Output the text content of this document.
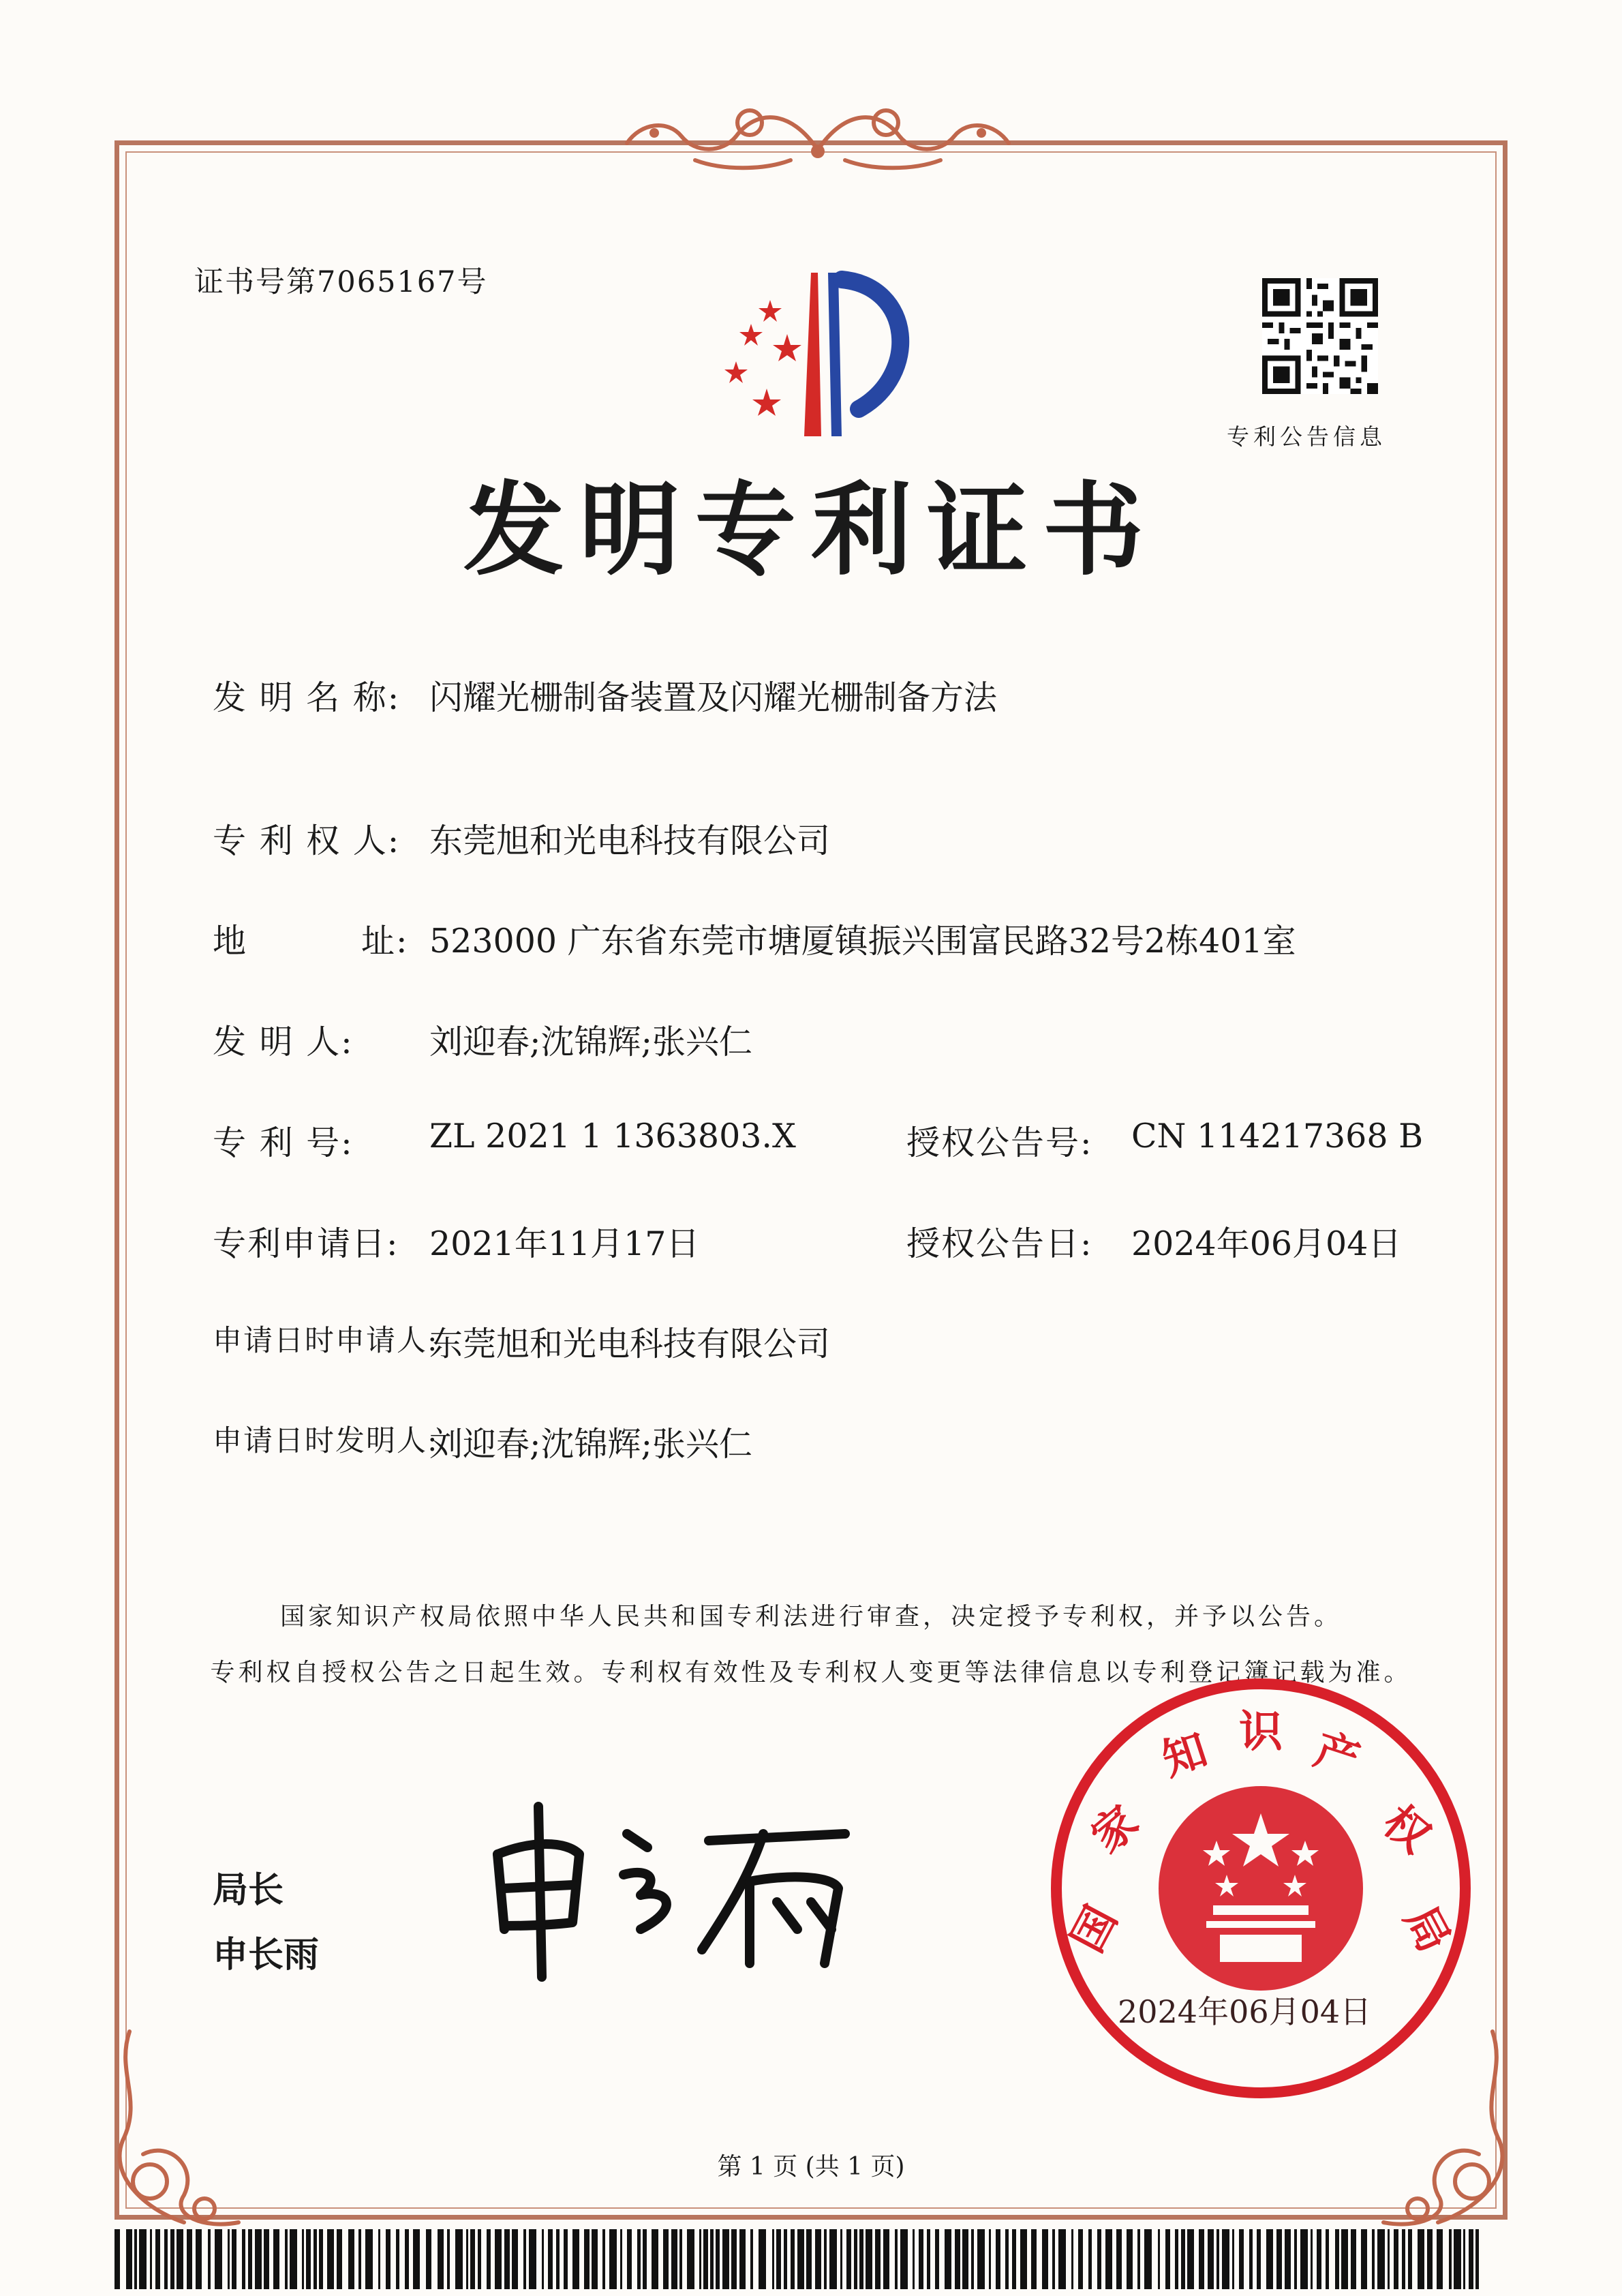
证书号第7065167号
专利公告信息
发明专利证书
发 明 名 称: 闪耀光栅制备装置及闪耀光栅制备方法
专 利 权 人: 东莞旭和光电科技有限公司
地	址: 523000 广东省东莞市塘厦镇振兴围富民路32号2栋401室
发 明 人: 刘迎春;沈锦辉;张兴仁
专 利 号: ZL 2021 1 1363803.X	授权公告号: CN 114217368 B
专利申请日: 2021年11月17日	授权公告日: 2024年06月04日
申请日时申请人:
东莞旭和光电科技有限公司
申请日时发明人:
刘迎春;沈锦辉;张兴仁
国家知识产权局依照中华人民共和国专利法进行审查，决定授予专利权，并予以公告。
专利权自授权公告之日起生效。专利权有效性及专利权人变更等法律信息以专利登记簿记载为准。
局长
申长雨	国
家
知 识 产
权
局
2024年06月04日
第 1 页 (共 1 页)
